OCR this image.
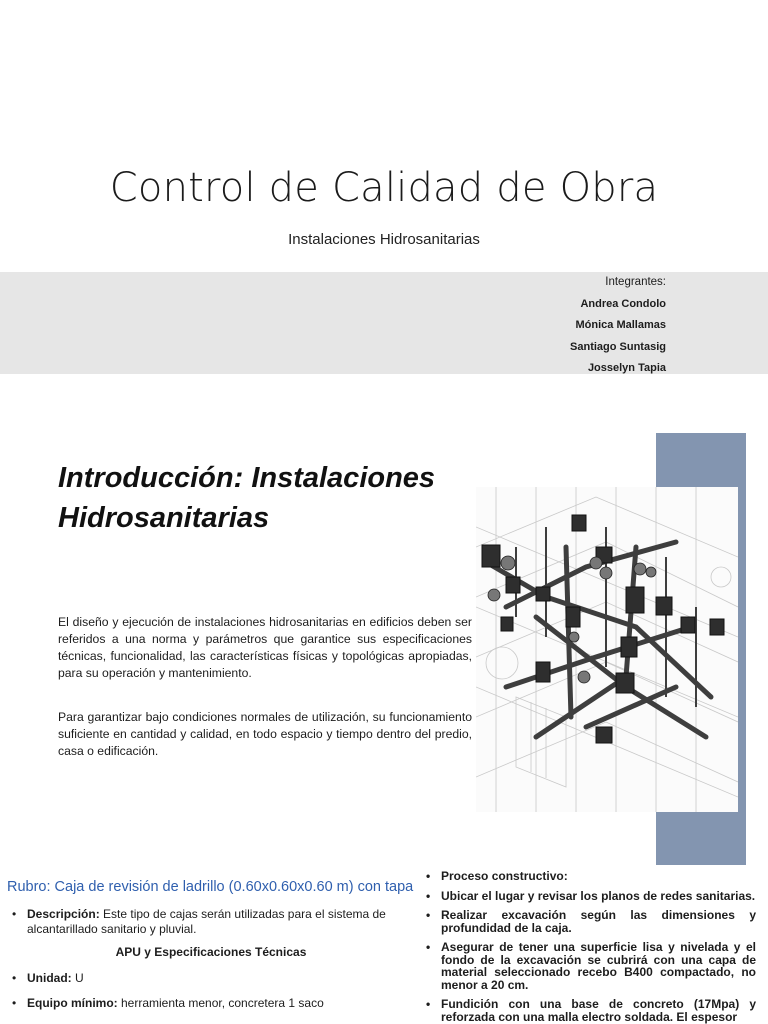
Control de Calidad de Obra
Instalaciones Hidrosanitarias
Integrantes:
Andrea Condolo
Mónica Mallamas
Santiago Suntasig
Josselyn Tapia
Introducción: Instalaciones
Hidrosanitarias

El diseño y ejecución de instalaciones hidrosanitarias en edificios deben ser referidos a una norma y parámetros que garantice sus especificaciones técnicas, funcionalidad, las características físicas y topológicas apropiadas, para su operación y mantenimiento.

Para garantizar bajo condiciones normales de utilización, su funcionamiento suficiente en cantidad y calidad, en todo espacio y tiempo dentro del predio, casa o edificación.

Rubro: Caja de revisión de ladrillo (0.60x0.60x0.60 m) con tapa
• Descripción: Este tipo de cajas serán utilizadas para el sistema de alcantarillado sanitario y pluvial.
APU y Especificaciones Técnicas
• Unidad: U
• Equipo mínimo: herramienta menor, concretera 1 saco
• Proceso constructivo:
• Ubicar el lugar y revisar los planos de redes sanitarias.
• Realizar excavación según las dimensiones y profundidad de la caja.
• Asegurar de tener una superficie lisa y nivelada y el fondo de la excavación se cubrirá con una capa de material seleccionado recebo B400 compactado, no menor a 20 cm.
• Fundición con una base de concreto (17Mpa) y reforzada con una malla electro soldada. El espesor
